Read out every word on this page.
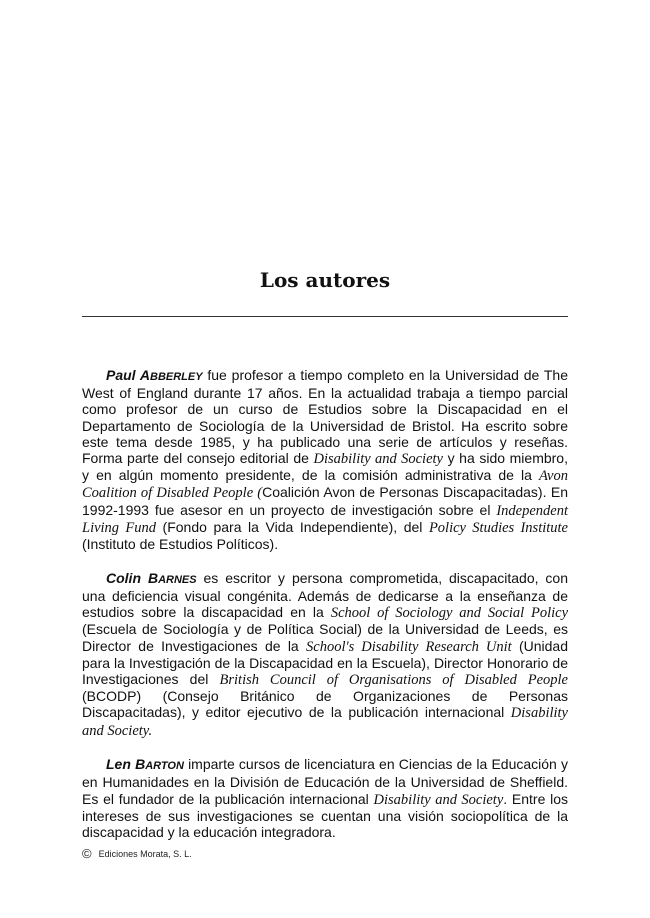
Los autores

Paul ABBERLEY fue profesor a tiempo completo en la Universidad de The West of England durante 17 años. En la actualidad trabaja a tiempo parcial como profesor de un curso de Estudios sobre la Discapacidad en el Departamento de Sociología de la Universidad de Bristol. Ha escrito sobre este tema desde 1985, y ha publicado una serie de artículos y reseñas. Forma parte del consejo editorial de Disability and Society y ha sido miembro, y en algún momento presidente, de la comisión administrativa de la Avon Coalition of Disabled People (Coalición Avon de Personas Discapacitadas). En 1992-1993 fue asesor en un proyecto de investigación sobre el Independent Living Fund (Fondo para la Vida Independiente), del Policy Studies Institute (Instituto de Estudios Políticos).

Colin BARNES es escritor y persona comprometida, discapacitado, con una deficiencia visual congénita. Además de dedicarse a la enseñanza de estudios sobre la discapacidad en la School of Sociology and Social Policy (Escuela de Sociología y de Política Social) de la Universidad de Leeds, es Director de Investigaciones de la School's Disability Research Unit (Unidad para la Investigación de la Discapacidad en la Escuela), Director Honorario de Investigaciones del British Council of Organisations of Disabled People (BCODP) (Consejo Británico de Organizaciones de Personas Discapacitadas), y editor ejecutivo de la publicación internacional Disability and Society.

Len BARTON imparte cursos de licenciatura en Ciencias de la Educación y en Humanidades en la División de Educación de la Universidad de Sheffield. Es el fundador de la publicación internacional Disability and Society. Entre los intereses de sus investigaciones se cuentan una visión sociopolítica de la discapacidad y la educación integradora.

© Ediciones Morata, S. L.
